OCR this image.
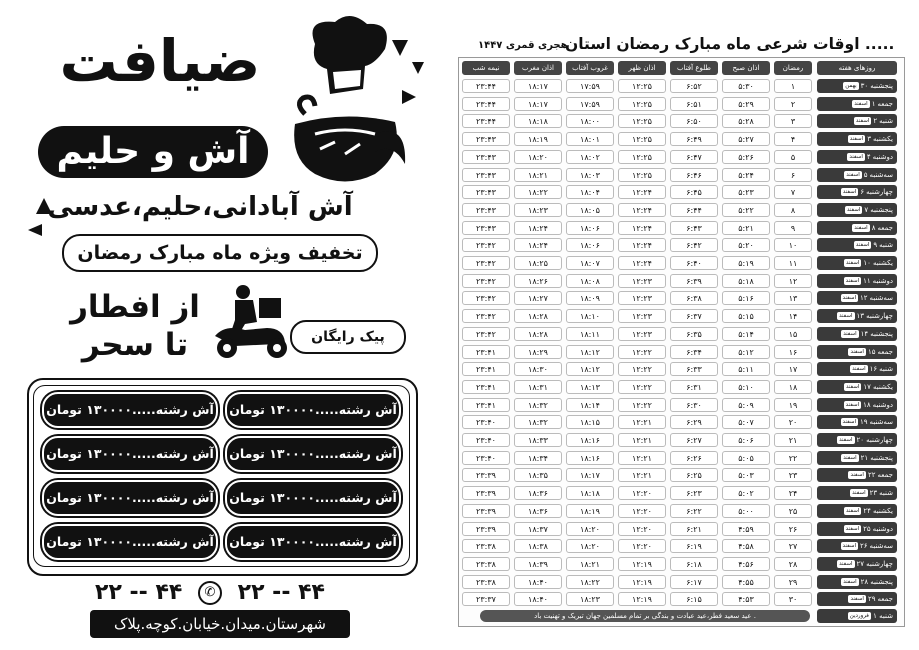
ضیافت
آش و حلیم
آش آبادانی،حلیم،عدسی
تخفیف ویژه ماه مبارک رمضان
از افطار
تا سحر	پیک رایگان
آش رشته.....۱۳۰۰۰۰ تومان
آش رشته.....۱۳۰۰۰۰ تومان
آش رشته.....۱۳۰۰۰۰ تومان
آش رشته.....۱۳۰۰۰۰ تومان
آش رشته.....۱۳۰۰۰۰ تومان
آش رشته.....۱۳۰۰۰۰ تومان
آش رشته.....۱۳۰۰۰۰ تومان
آش رشته.....۱۳۰۰۰۰ تومان
۲۲ -- ۴۴ ✆ ۲۲ -- ۴۴
شهرستان.میدان.خیابان.کوچه.پلاک
اوقات شرعی ماه مبارک رمضان استان .....
۱۴۴۷ هجری قمری
روزهای هفته
رمضان
اذان صبح
طلوع آفتاب
اذان ظهر
غروب آفتاب
اذان مغرب
نیمه شب
بهمن ۳۰ پنجشنبه
۱
۵:۳۰
۶:۵۲
۱۲:۲۵
۱۷:۵۹
۱۸:۱۷
۲۳:۴۴
اسفند ۱ جمعه
۲
۵:۲۹
۶:۵۱
۱۲:۲۵
۱۷:۵۹
۱۸:۱۷
۲۳:۴۴
اسفند ۲ شنبه
۳
۵:۲۸
۶:۵۰
۱۲:۲۵
۱۸:۰۰
۱۸:۱۸
۲۳:۴۴
اسفند ۳ یکشنبه
۴
۵:۲۷
۶:۴۹
۱۲:۲۵
۱۸:۰۱
۱۸:۱۹
۲۳:۴۳
اسفند ۴ دوشنبه
۵
۵:۲۶
۶:۴۷
۱۲:۲۵
۱۸:۰۲
۱۸:۲۰
۲۳:۴۳
اسفند ۵ سه‌شنبه
۶
۵:۲۴
۶:۴۶
۱۲:۲۵
۱۸:۰۳
۱۸:۲۱
۲۳:۴۳
اسفند ۶ چهارشنبه
۷
۵:۲۳
۶:۴۵
۱۲:۲۴
۱۸:۰۴
۱۸:۲۲
۲۳:۴۳
اسفند ۷ پنجشنبه
۸
۵:۲۲
۶:۴۴
۱۲:۲۴
۱۸:۰۵
۱۸:۲۳
۲۳:۴۳
اسفند ۸ جمعه
۹
۵:۲۱
۶:۴۳
۱۲:۲۴
۱۸:۰۶
۱۸:۲۴
۲۳:۴۳
اسفند ۹ شنبه
۱۰
۵:۲۰
۶:۴۲
۱۲:۲۴
۱۸:۰۶
۱۸:۲۴
۲۳:۴۲
اسفند ۱۰ یکشنبه
۱۱
۵:۱۹
۶:۴۰
۱۲:۲۴
۱۸:۰۷
۱۸:۲۵
۲۳:۴۲
اسفند ۱۱ دوشنبه
۱۲
۵:۱۸
۶:۳۹
۱۲:۲۳
۱۸:۰۸
۱۸:۲۶
۲۳:۴۲
اسفند ۱۲ سه‌شنبه
۱۳
۵:۱۶
۶:۳۸
۱۲:۲۳
۱۸:۰۹
۱۸:۲۷
۲۳:۴۲
اسفند ۱۳ چهارشنبه
۱۴
۵:۱۵
۶:۳۷
۱۲:۲۳
۱۸:۱۰
۱۸:۲۸
۲۳:۴۲
اسفند ۱۴ پنجشنبه
۱۵
۵:۱۴
۶:۳۵
۱۲:۲۳
۱۸:۱۱
۱۸:۲۸
۲۳:۴۲
اسفند ۱۵ جمعه
۱۶
۵:۱۲
۶:۳۴
۱۲:۲۲
۱۸:۱۲
۱۸:۲۹
۲۳:۴۱
اسفند ۱۶ شنبه
۱۷
۵:۱۱
۶:۳۳
۱۲:۲۲
۱۸:۱۲
۱۸:۳۰
۲۳:۴۱
اسفند ۱۷ یکشنبه
۱۸
۵:۱۰
۶:۳۱
۱۲:۲۲
۱۸:۱۳
۱۸:۳۱
۲۳:۴۱
اسفند ۱۸ دوشنبه
۱۹
۵:۰۹
۶:۳۰
۱۲:۲۲
۱۸:۱۴
۱۸:۳۲
۲۳:۴۱
اسفند ۱۹ سه‌شنبه
۲۰
۵:۰۷
۶:۲۹
۱۲:۲۱
۱۸:۱۵
۱۸:۳۲
۲۳:۴۰
اسفند ۲۰ چهارشنبه
۲۱
۵:۰۶
۶:۲۷
۱۲:۲۱
۱۸:۱۶
۱۸:۳۳
۲۳:۴۰
اسفند ۲۱ پنجشنبه
۲۲
۵:۰۵
۶:۲۶
۱۲:۲۱
۱۸:۱۶
۱۸:۳۴
۲۳:۴۰
اسفند ۲۲ جمعه
۲۳
۵:۰۳
۶:۲۵
۱۲:۲۱
۱۸:۱۷
۱۸:۳۵
۲۳:۳۹
اسفند ۲۳ شنبه
۲۴
۵:۰۲
۶:۲۳
۱۲:۲۰
۱۸:۱۸
۱۸:۳۶
۲۳:۳۹
اسفند ۲۴ یکشنبه
۲۵
۵:۰۰
۶:۲۲
۱۲:۲۰
۱۸:۱۹
۱۸:۳۶
۲۳:۳۹
اسفند ۲۵ دوشنبه
۲۶
۴:۵۹
۶:۲۱
۱۲:۲۰
۱۸:۲۰
۱۸:۳۷
۲۳:۳۹
اسفند ۲۶ سه‌شنبه
۲۷
۴:۵۸
۶:۱۹
۱۲:۲۰
۱۸:۲۰
۱۸:۳۸
۲۳:۳۸
اسفند ۲۷ چهارشنبه
۲۸
۴:۵۶
۶:۱۸
۱۲:۱۹
۱۸:۲۱
۱۸:۳۹
۲۳:۳۸
اسفند ۲۸ پنجشنبه
۲۹
۴:۵۵
۶:۱۷
۱۲:۱۹
۱۸:۲۲
۱۸:۴۰
۲۳:۳۸
اسفند ۲۹ جمعه
۳۰
۴:۵۳
۶:۱۵
۱۲:۱۹
۱۸:۲۳
۱۸:۴۰
۲۳:۳۷
عید سعید فطر،عید عبادت و بندگی بر تمام مسلمین جهان تبریک و تهنیت باد .	فروردین ۱ شنبه
